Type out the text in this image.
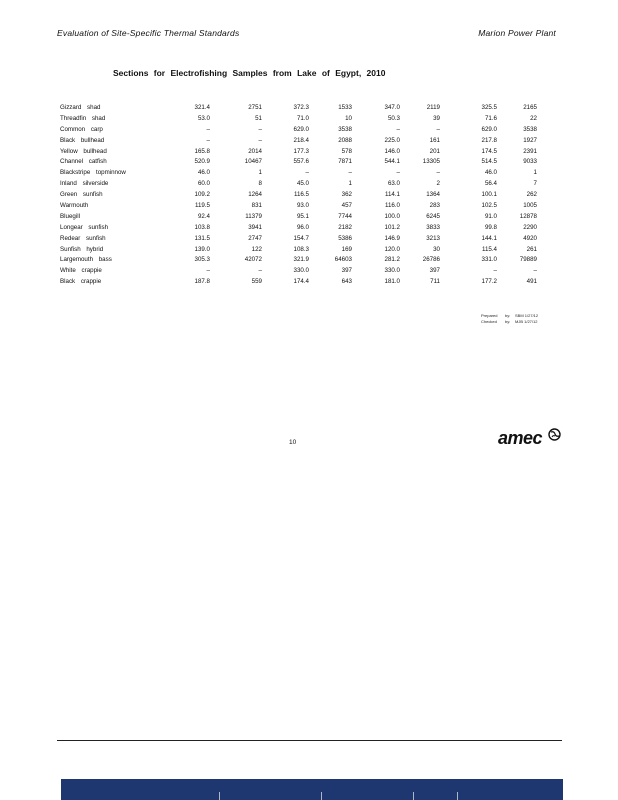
Evaluation of Site-Specific Thermal Standards	Marion Power Plant
Sections for Electrofishing Samples from Lake of Egypt, 2010
Gizzard shad	321.4	2751	372.3	1533	347.0	2119	325.5	2165
Threadfin shad	53.0	51	71.0	10	50.3	39	71.6	22
Common carp	–	–	629.0	3538	–	–	629.0	3538
Black bullhead	–	–	218.4	2088	225.0	161	217.8	1927
Yellow bullhead	165.8	2014	177.3	578	146.0	201	174.5	2391
Channel catfish	520.9	10467	557.6	7871	544.1	13305	514.5	9033
Blackstripe topminnow	46.0	1	–	–	–	–	46.0	1
Inland silverside	60.0	8	45.0	1	63.0	2	56.4	7
Green sunfish	109.2	1264	116.5	362	114.1	1364	100.1	262
Warmouth	119.5	831	93.0	457	116.0	283	102.5	1005
Bluegill	92.4	11379	95.1	7744	100.0	6245	91.0	12878
Longear sunfish	103.8	3941	96.0	2182	101.2	3833	99.8	2290
Redear sunfish	131.5	2747	154.7	5386	146.9	3213	144.1	4920
Sunfish hybrid	139.0	122	108.3	169	120.0	30	115.4	261
Largemouth bass	305.3	42072	321.9	64603	281.2	26786	331.0	79889
White crappie	–	–	330.0	397	330.0	397	–	–
Black crappie	187.8	559	174.4	643	181.0	711	177.2	491
Prepared by: SBM 1/27/12
Checked by: MJB 1/27/12
10	amec
